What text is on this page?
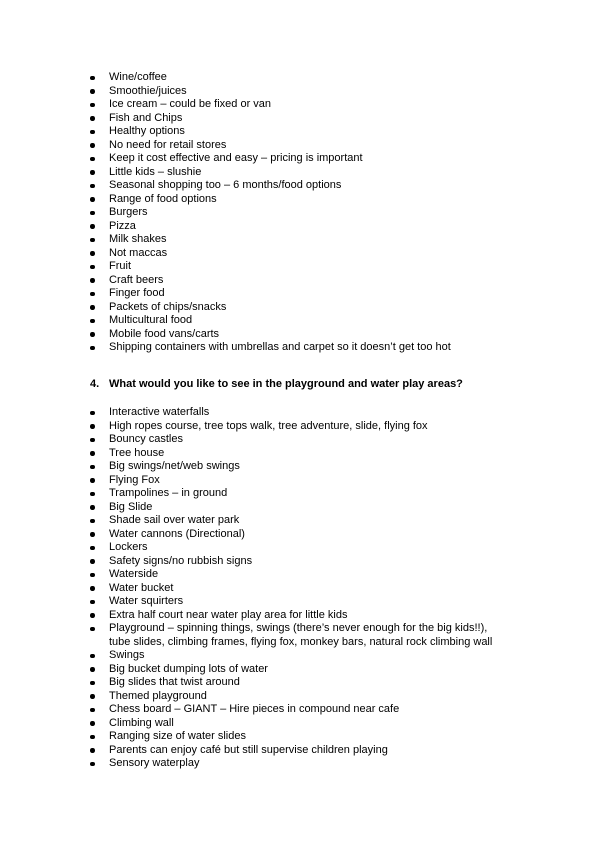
Wine/coffee
Smoothie/juices
Ice cream – could be fixed or van
Fish and Chips
Healthy options
No need for retail stores
Keep it cost effective and easy – pricing is important
Little kids – slushie
Seasonal shopping too – 6 months/food options
Range of food options
Burgers
Pizza
Milk shakes
Not maccas
Fruit
Craft beers
Finger food
Packets of chips/snacks
Multicultural food
Mobile food vans/carts
Shipping containers with umbrellas and carpet so it doesn’t get too hot
4. What would you like to see in the playground and water play areas?
Interactive waterfalls
High ropes course, tree tops walk, tree adventure, slide, flying fox
Bouncy castles
Tree house
Big swings/net/web swings
Flying Fox
Trampolines – in ground
Big Slide
Shade sail over water park
Water cannons (Directional)
Lockers
Safety signs/no rubbish signs
Waterside
Water bucket
Water squirters
Extra half court near water play area for little kids
Playground – spinning things, swings (there’s never enough for the big kids!!), tube slides, climbing frames, flying fox, monkey bars, natural rock climbing wall
Swings
Big bucket dumping lots of water
Big slides that twist around
Themed playground
Chess board – GIANT – Hire pieces in compound near cafe
Climbing wall
Ranging size of water slides
Parents can enjoy café but still supervise children playing
Sensory waterplay
